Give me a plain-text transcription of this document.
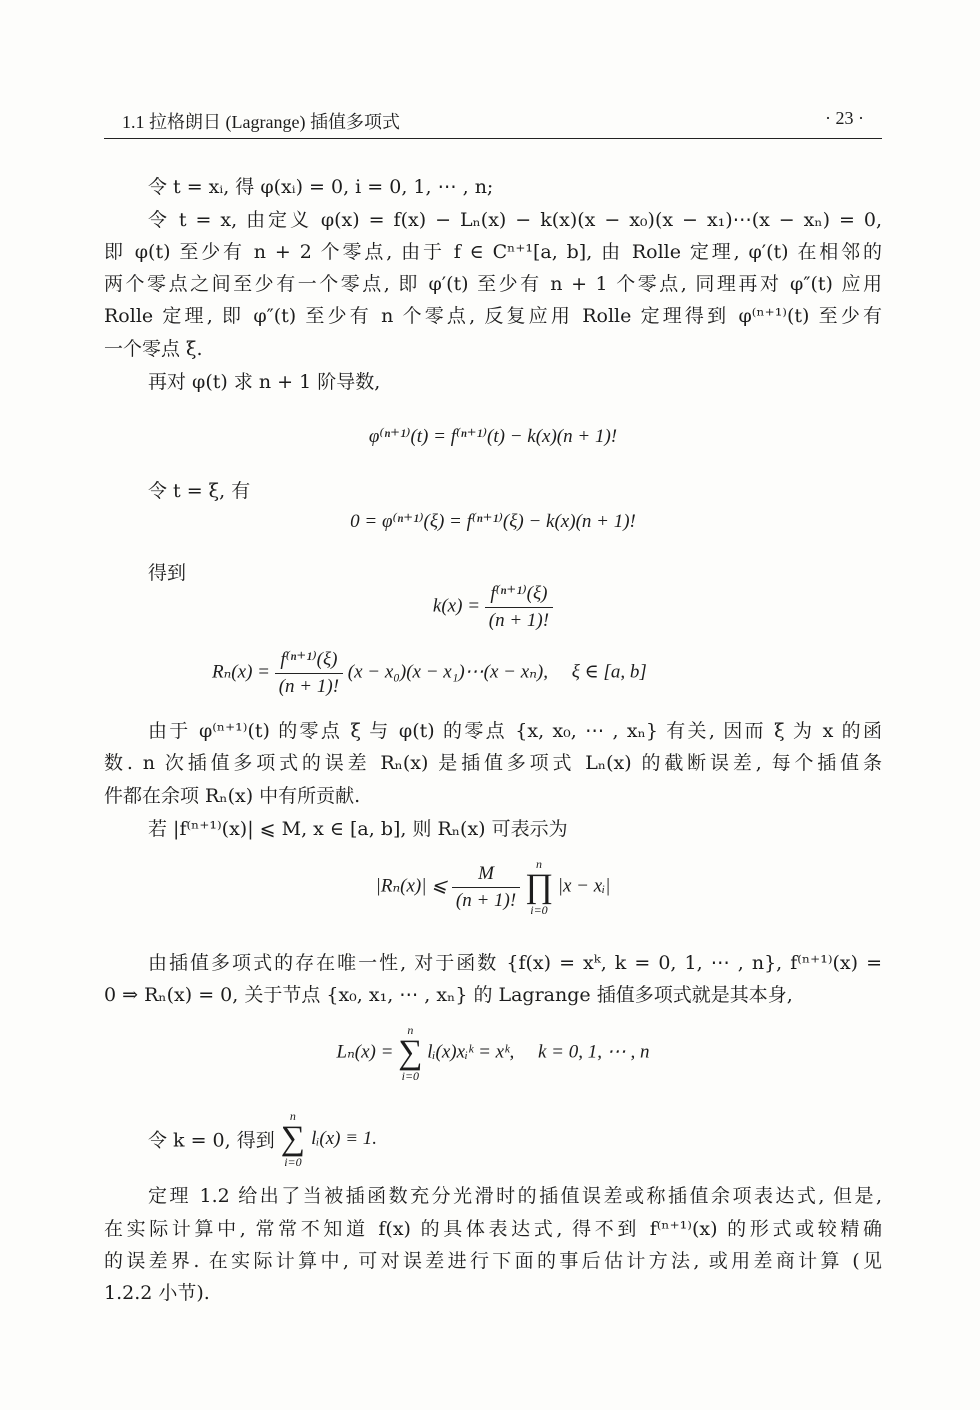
1.1 拉格朗日 (Lagrange) 插值多项式	· 23 ·
令 t = xᵢ, 得 φ(xᵢ) = 0, i = 0, 1, ⋯ , n;
令 t = x, 由定义 φ(x) = f(x) − Lₙ(x) − k(x)(x − x₀)(x − x₁)⋯(x − xₙ) = 0,
即 φ(t) 至少有 n + 2 个零点, 由于 f ∈ Cⁿ⁺¹[a, b], 由 Rolle 定理, φ′(t) 在相邻的
两个零点之间至少有一个零点, 即 φ′(t) 至少有 n + 1 个零点, 同理再对 φ″(t) 应用
Rolle 定理, 即 φ″(t) 至少有 n 个零点, 反复应用 Rolle 定理得到 φ⁽ⁿ⁺¹⁾(t) 至少有
一个零点 ξ.
再对 φ(t) 求 n + 1 阶导数,
φ⁽ⁿ⁺¹⁾(t) = f⁽ⁿ⁺¹⁾(t) − k(x)(n + 1)!
令 t = ξ, 有
0 = φ⁽ⁿ⁺¹⁾(ξ) = f⁽ⁿ⁺¹⁾(ξ) − k(x)(n + 1)!
得到
$k(x) = \frac{\text{f⁽ⁿ⁺¹⁾(ξ)}}{(n + 1)!}$
$R_n(x) = \frac{\text{f⁽ⁿ⁺¹⁾(ξ)}}{(n + 1)!} (x - x_0)(x$ − x₁)⋯(x − xₙ),     ξ ∈ [a, b]
由于 φ⁽ⁿ⁺¹⁾(t) 的零点 ξ 与 φ(t) 的零点 {x, x₀, ⋯ , xₙ} 有关, 因而 ξ 为 x 的函
数. n 次插值多项式的误差 Rₙ(x) 是插值多项式 Lₙ(x) 的截断误差, 每个插值条
件都在余项 Rₙ(x) 中有所贡献.
若 |f⁽ⁿ⁺¹⁾(x)| ⩽ M, x ∈ [a, b], 则 Rₙ(x) 可表示为
|Rₙ(x)| ⩽ $\frac{M}{(n + 1)!}$
	n
∏
i=0
|x − xᵢ|
由插值多项式的存在唯一性, 对于函数 {f(x) = xᵏ, k = 0, 1, ⋯ , n}, f⁽ⁿ⁺¹⁾(x) =
0 ⇒ Rₙ(x) = 0, 关于节点 {x₀, x₁, ⋯ , xₙ} 的 Lagrange 插值多项式就是其本身,
Lₙ(x) =
n
∑
i=0
lᵢ(x)xᵢᵏ = xᵏ,     k = 0, 1, ⋯ , n
令 k = 0, 得到
n
∑
i=0
lᵢ(x) ≡ 1.
定理 1.2 给出了当被插函数充分光滑时的插值误差或称插值余项表达式, 但是,
在实际计算中, 常常不知道 f(x) 的具体表达式, 得不到 f⁽ⁿ⁺¹⁾(x) 的形式或较精确
的误差界. 在实际计算中, 可对误差进行下面的事后估计方法, 或用差商计算 (见
1.2.2 小节).
